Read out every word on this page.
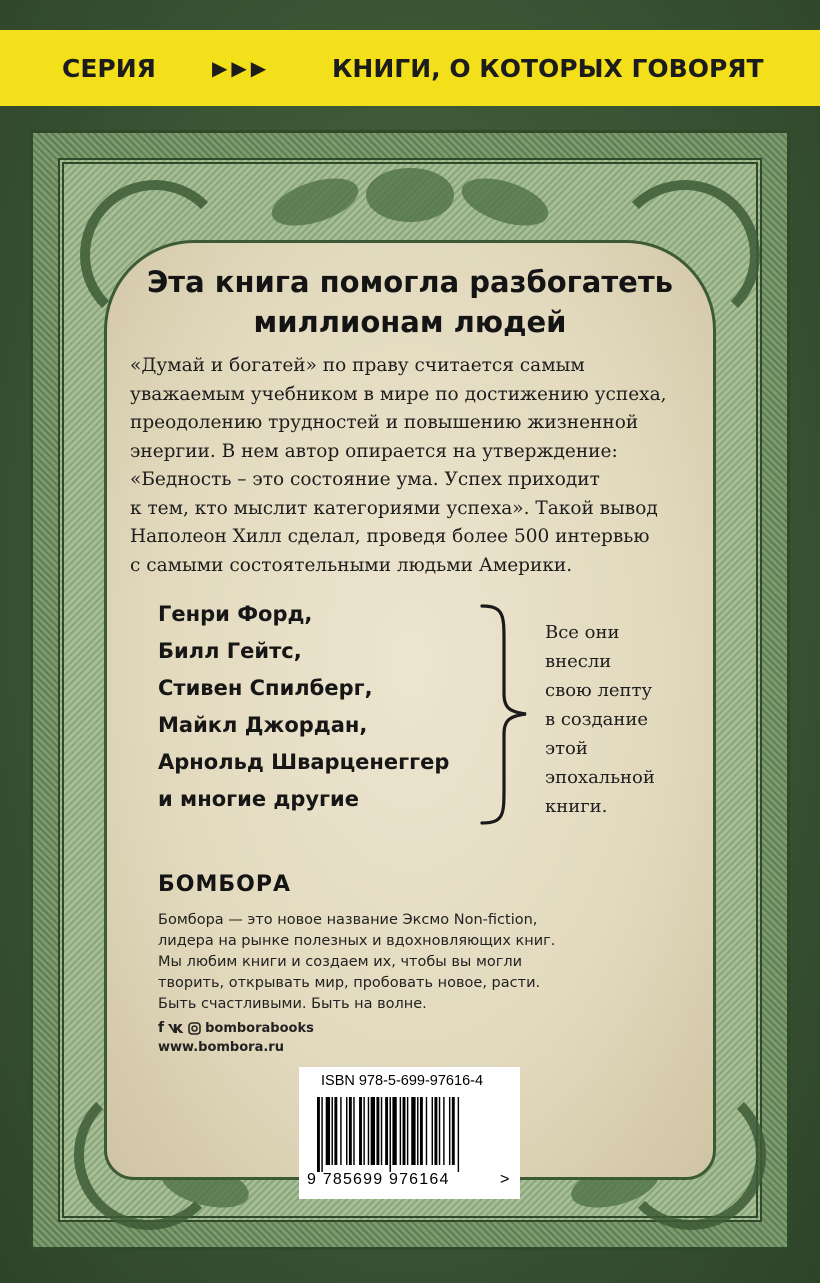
СЕРИЯ	▶▶▶ КНИГИ, О КОТОРЫХ ГОВОРЯТ
Эта книга помогла разбогатеть
миллионам людей

«Думай и богатей» по праву считается самым

уважаемым учебником в мире по достижению успеха,

преодолению трудностей и повышению жизненной

энергии. В нем автор опирается на утверждение:

«Бедность – это состояние ума. Успех приходит

к тем, кто мыслит категориями успеха». Такой вывод

Наполеон Хилл сделал, проведя более 500 интервью

с самыми состоятельными людьми Америки.

Генри Форд,
Билл Гейтс,
Стивен Спилберг,
Майкл Джордан,
Арнольд Шварценеггер
и многие другие
Все они
внесли
свою лепту
в создание
этой
эпохальной
книги.
БОМБОРА
Бомбора — это новое название Эксмо Non-fiction,
лидера на рынке полезных и вдохновляющих книг.
Мы любим книги и создаем их, чтобы вы могли
творить, открывать мир, пробовать новое, расти.
Быть счастливыми. Быть на волне.
f	bomborabooks
www.bombora.ru
ISBN 978-5-699-97616-4
9 785699 976164	>
